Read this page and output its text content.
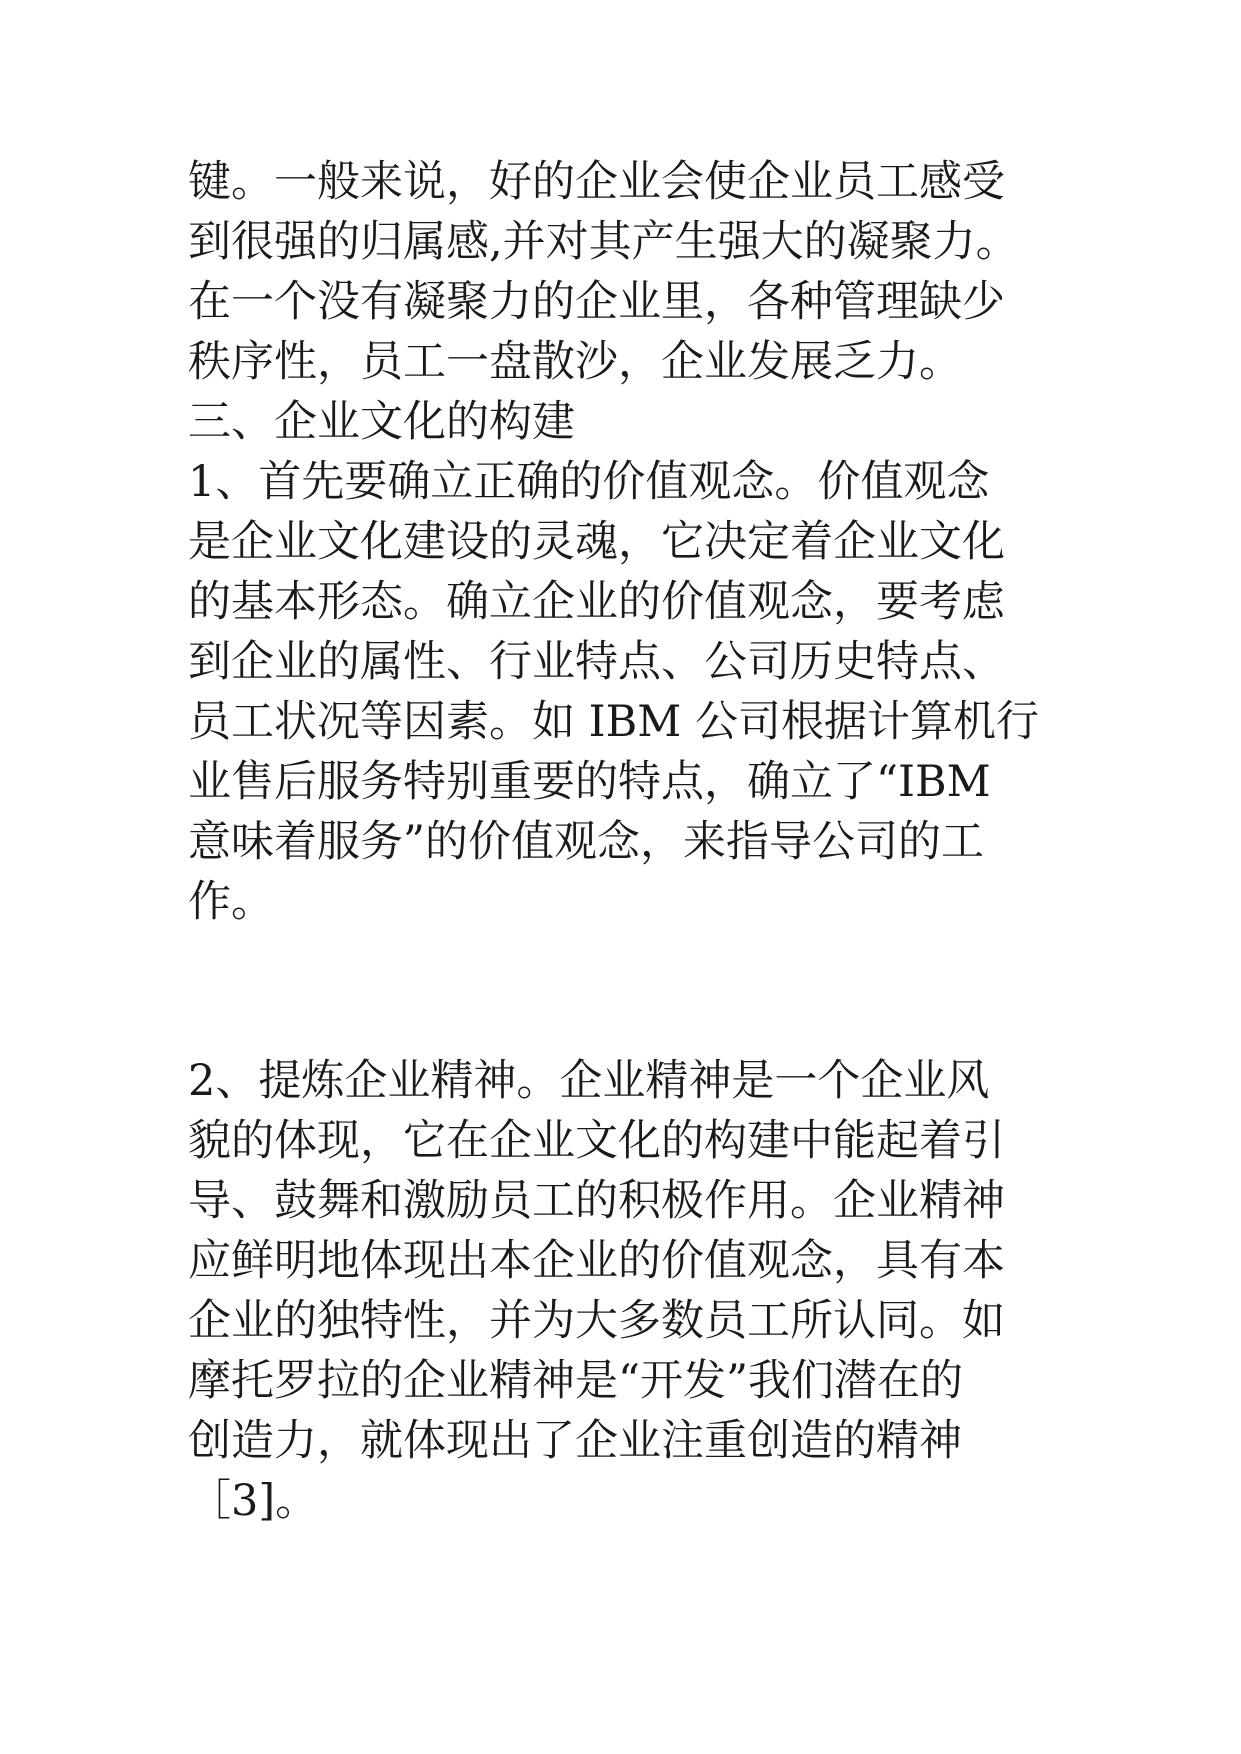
键。一般来说，好的企业会使企业员工感受
到很强的归属感,并对其产生强大的凝聚力。
在一个没有凝聚力的企业里，各种管理缺少
秩序性，员工一盘散沙，企业发展乏力。
三、企业文化的构建
1、首先要确立正确的价值观念。价值观念
是企业文化建设的灵魂，它决定着企业文化
的基本形态。确立企业的价值观念，要考虑
到企业的属性、行业特点、公司历史特点、
员工状况等因素。如 IBM 公司根据计算机行
业售后服务特别重要的特点，确立了“IBM
意味着服务”的价值观念，来指导公司的工
作。
2、提炼企业精神。企业精神是一个企业风
貌的体现，它在企业文化的构建中能起着引
导、鼓舞和激励员工的积极作用。企业精神
应鲜明地体现出本企业的价值观念，具有本
企业的独特性，并为大多数员工所认同。如
摩托罗拉的企业精神是“开发”我们潜在的
创造力，就体现出了企业注重创造的精神
［3]。
